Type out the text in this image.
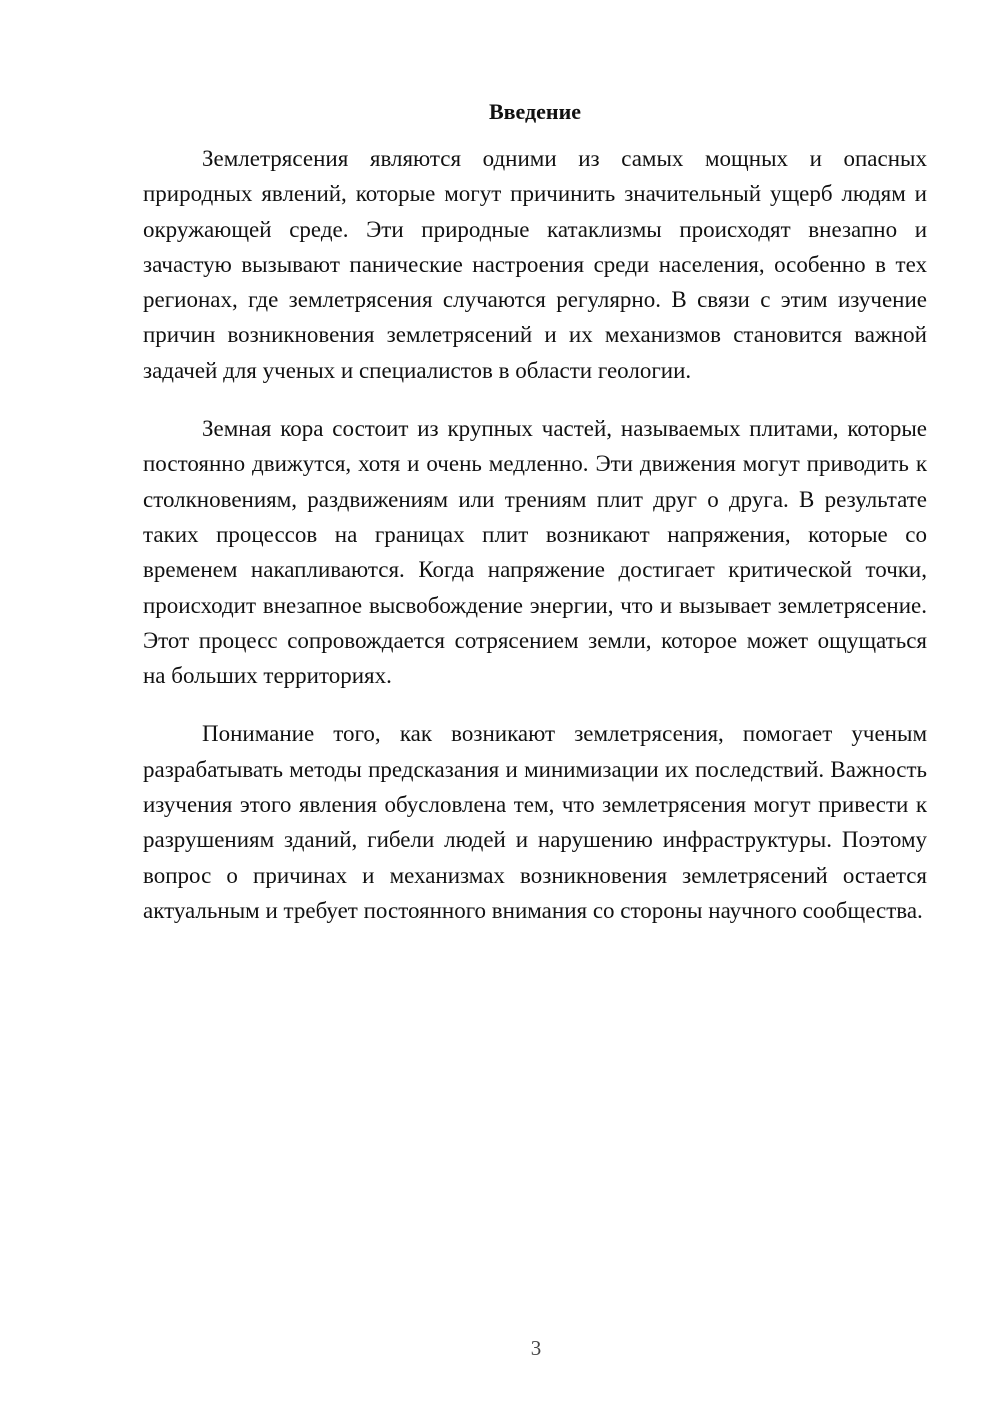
Введение

Землетрясения являются одними из самых мощных и опасных природных явлений, которые могут причинить значительный ущерб людям и окружающей среде. Эти природные катаклизмы происходят внезапно и зачастую вызывают панические настроения среди населения, особенно в тех регионах, где землетрясения случаются регулярно. В связи с этим изучение причин возникновения землетрясений и их механизмов становится важной задачей для ученых и специалистов в области геологии.

Земная кора состоит из крупных частей, называемых плитами, которые постоянно движутся, хотя и очень медленно. Эти движения могут приводить к столкновениям, раздвижениям или трениям плит друг о друга. В результате таких процессов на границах плит возникают напряжения, которые со временем накапливаются. Когда напряжение достигает критической точки, происходит внезапное высвобождение энергии, что и вызывает землетрясение. Этот процесс сопровождается сотрясением земли, которое может ощущаться на больших территориях.

Понимание того, как возникают землетрясения, помогает ученым разрабатывать методы предсказания и минимизации их последствий. Важность изучения этого явления обусловлена тем, что землетрясения могут привести к разрушениям зданий, гибели людей и нарушению инфраструктуры. Поэтому вопрос о причинах и механизмах возникновения землетрясений остается актуальным и требует постоянного внимания со стороны научного сообщества.

3
